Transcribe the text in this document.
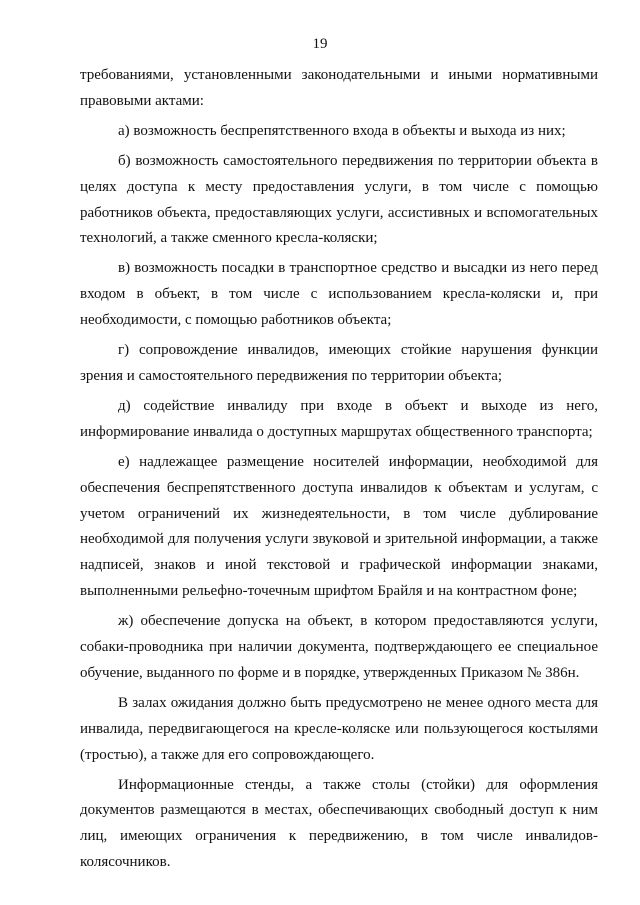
19

требованиями, установленными законодательными и иными нормативными правовыми актами:

а) возможность беспрепятственного входа в объекты и выхода из них;

б) возможность самостоятельного передвижения по территории объекта в целях доступа к месту предоставления услуги, в том числе с помощью работников объекта, предоставляющих услуги, ассистивных и вспомогательных технологий, а также сменного кресла-коляски;

в) возможность посадки в транспортное средство и высадки из него перед входом в объект, в том числе с использованием кресла-коляски и, при необходимости, с помощью работников объекта;

г) сопровождение инвалидов, имеющих стойкие нарушения функции зрения и самостоятельного передвижения по территории объекта;

д) содействие инвалиду при входе в объект и выходе из него, информирование инвалида о доступных маршрутах общественного транспорта;

е) надлежащее размещение носителей информации, необходимой для обеспечения беспрепятственного доступа инвалидов к объектам и услугам, с учетом ограничений их жизнедеятельности, в том числе дублирование необходимой для получения услуги звуковой и зрительной информации, а также надписей, знаков и иной текстовой и графической информации знаками, выполненными рельефно-точечным шрифтом Брайля и на контрастном фоне;

ж) обеспечение допуска на объект, в котором предоставляются услуги, собаки-проводника при наличии документа, подтверждающего ее специальное обучение, выданного по форме и в порядке, утвержденных Приказом № 386н.

В залах ожидания должно быть предусмотрено не менее одного места для инвалида, передвигающегося на кресле-коляске или пользующегося костылями (тростью), а также для его сопровождающего.

Информационные стенды, а также столы (стойки) для оформления документов размещаются в местах, обеспечивающих свободный доступ к ним лиц, имеющих ограничения к передвижению, в том числе инвалидов-колясочников.
